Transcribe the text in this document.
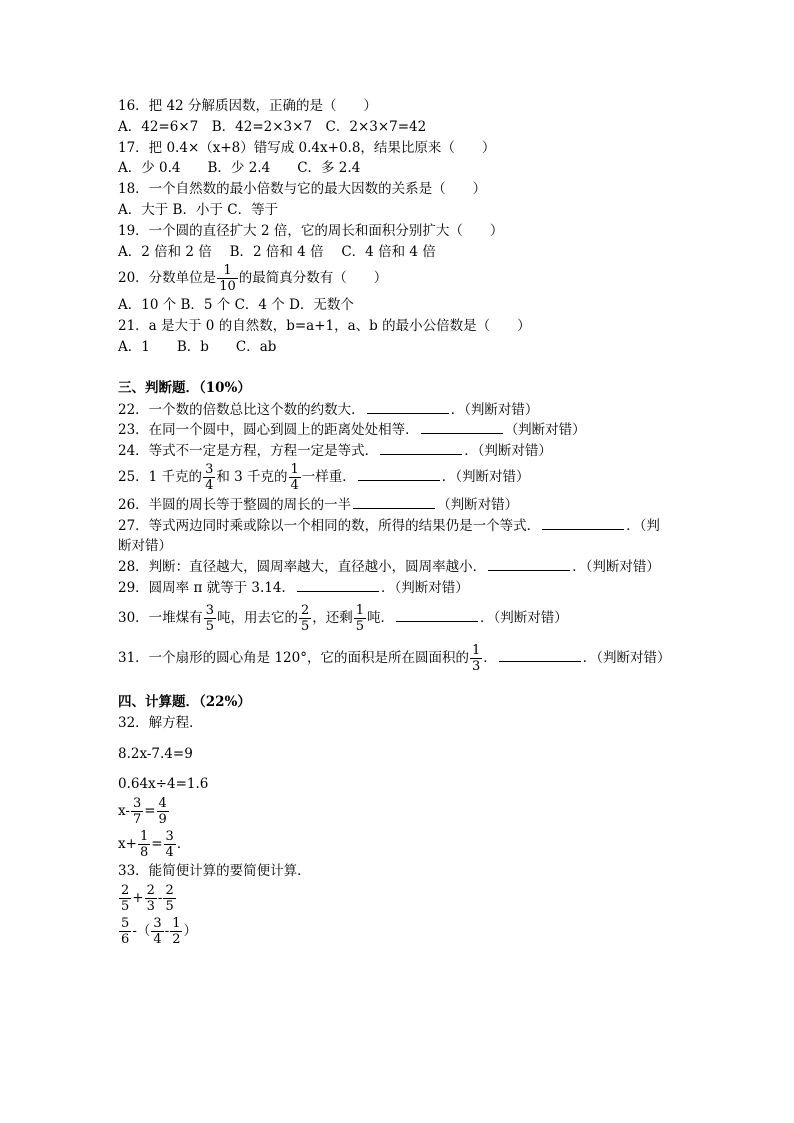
16．把 42 分解质因数，正确的是（　　）
A．42=6×7　B．42=2×3×7　C．2×3×7=42
17．把 0.4×（x+8）错写成 0.4x+0.8，结果比原来（　　）
A．少 0.4　　B．少 2.4　　C．多 2.4
18．一个自然数的最小倍数与它的最大因数的关系是（　　）
A．大于 B．小于 C．等于
19．一个圆的直径扩大 2 倍，它的周长和面积分别扩大（　　）
A．2 倍和 2 倍　 B．2 倍和 4 倍　 C．4 倍和 4 倍
20．分数单位是 $\frac{1}{10}$ 的最简真分数有（　　）
A．10 个 B．5 个 C．4 个 D．无数个
21．a 是大于 0 的自然数，b=a+1，a、b 的最小公倍数是（　　）
A．1　　B．b　　C．ab
三、判断题．（10%）
22．一个数的倍数总比这个数的约数大．	．（判断对错）
23．在同一个圆中，圆心到圆上的距离处处相等．	（判断对错）
24．等式不一定是方程，方程一定是等式．	．（判断对错）
25．1 千克的 $\frac{3}{4}$ 和 3 千克的 $\frac{1}{4}$ 一样重．	．（判断对错）
26．半圆的周长等于整圆的周长的一半	（判断对错）
27．等式两边同时乘或除以一个相同的数，所得的结果仍是一个等式．	．（判
断对错）
28．判断：直径越大，圆周率越大，直径越小，圆周率越小．	．（判断对错）
29．圆周率 π 就等于 3.14．	．（判断对错）
30．一堆煤有 $\frac{3}{5}$ 吨，用去它的 $\frac{2}{5}$ ，还剩 $\frac{1}{5}$ 吨．	．（判断对错）
31．一个扇形的圆心角是 120°，它的面积是所在圆面积的 $\frac{1}{3}$ ．	．（判断对错）
四、计算题．（22%）
32．解方程．
8.2x-7.4=9
0.64x÷4=1.6
$x- \frac{3}{7} = \frac{4}{9}$
$x+ \frac{1}{8} = \frac{3}{4}$ ．
33．能简便计算的要简便计算．
$\frac{2}{5} + \frac{2}{3} - \frac{2}{5}$
$\frac{5}{6}$ -（ $\frac{3}{4} - \frac{1}{2}$ ）
